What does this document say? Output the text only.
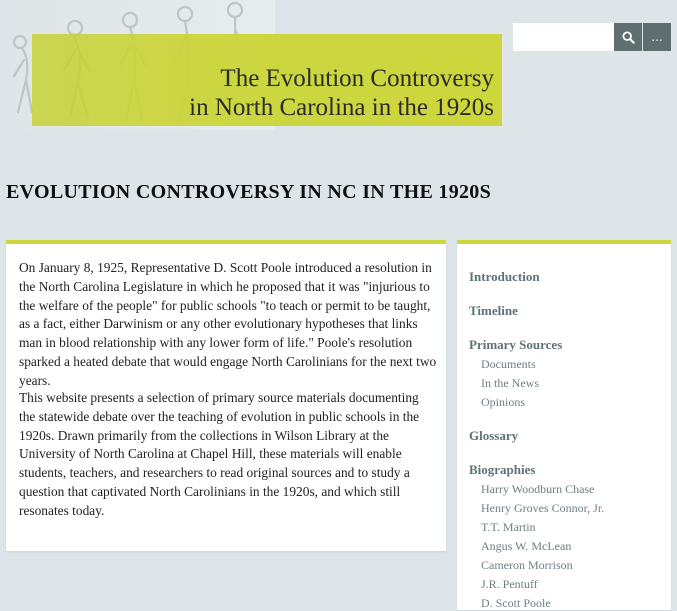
The Evolution Controversy
in North Carolina in the 1920s
...
EVOLUTION CONTROVERSY IN NC IN THE 1920S

On January 8, 1925, Representative D. Scott Poole introduced a resolution in the North Carolina Legislature in which he proposed that it was "injurious to the welfare of the people" for public schools "to teach or permit to be taught, as a fact, either Darwinism or any other evolutionary hypotheses that links man in blood relationship with any lower form of life." Poole's resolution sparked a heated debate that would engage North Carolinians for the next two years.

This website presents a selection of primary source materials documenting the statewide debate over the teaching of evolution in public schools in the 1920s. Drawn primarily from the collections in Wilson Library at the University of North Carolina at Chapel Hill, these materials will enable students, teachers, and researchers to read original sources and to study a question that captivated North Carolinians in the 1920s, and which still resonates today.

Introduction
Timeline
Primary Sources
Documents
In the News
Opinions
Glossary
Biographies
Harry Woodburn Chase
Henry Groves Connor, Jr.
T.T. Martin
Angus W. McLean
Cameron Morrison
J.R. Pentuff
D. Scott Poole
